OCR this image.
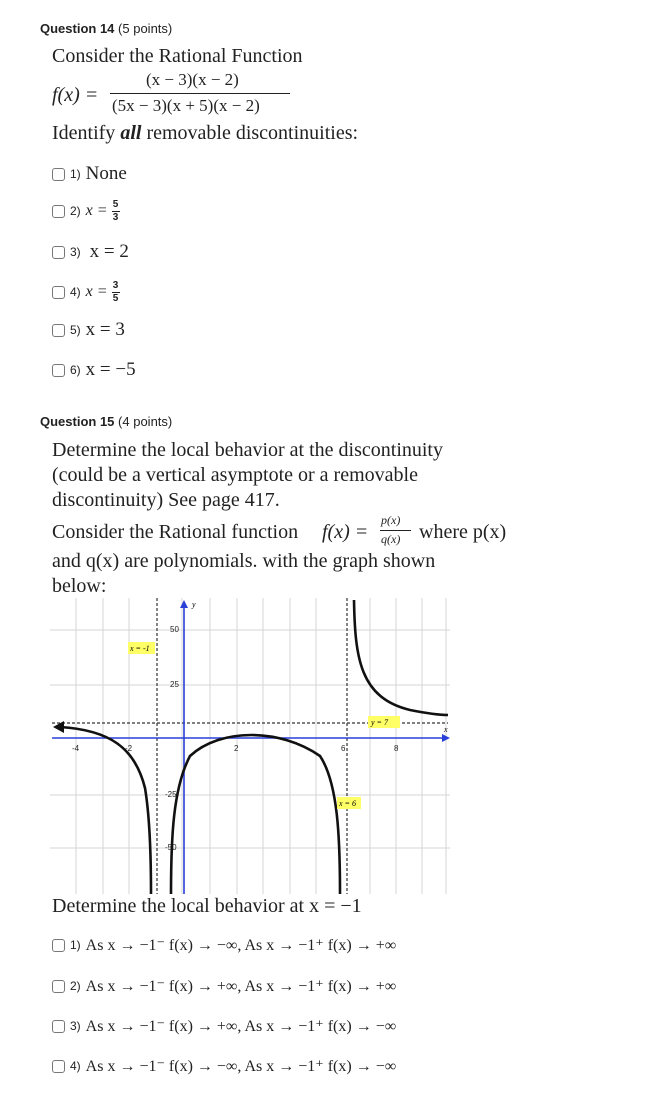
Question 14 (5 points)
Consider the Rational Function
f(x) =
(x − 3)(x − 2)
(5x − 3)(x + 5)(x − 2)
Identify all removable discontinuities:
1) None
2) $x = \frac{5}{3}$
3) x = 2
4) $x = \frac{3}{5}$
5) x = 3
6) x = −5
Question 15 (4 points)
Determine the local behavior at the discontinuity
(could be a vertical asymptote or a removable
discontinuity) See page 417.
Consider the Rational function f(x) =
p(x)
q(x) where p(x)
and q(x) are polynomials. with the graph shown
below:
y
x
50
25
-25
-50
-4	-2	2	6	8
x = -1
y = 7
x = 6
Determine the local behavior at x = −1
1) As x → −1⁻ f(x) → −∞, As x → −1⁺ f(x) → +∞
2) As x → −1⁻ f(x) → +∞, As x → −1⁺ f(x) → +∞
3) As x → −1⁻ f(x) → +∞, As x → −1⁺ f(x) → −∞
4) As x → −1⁻ f(x) → −∞, As x → −1⁺ f(x) → −∞
